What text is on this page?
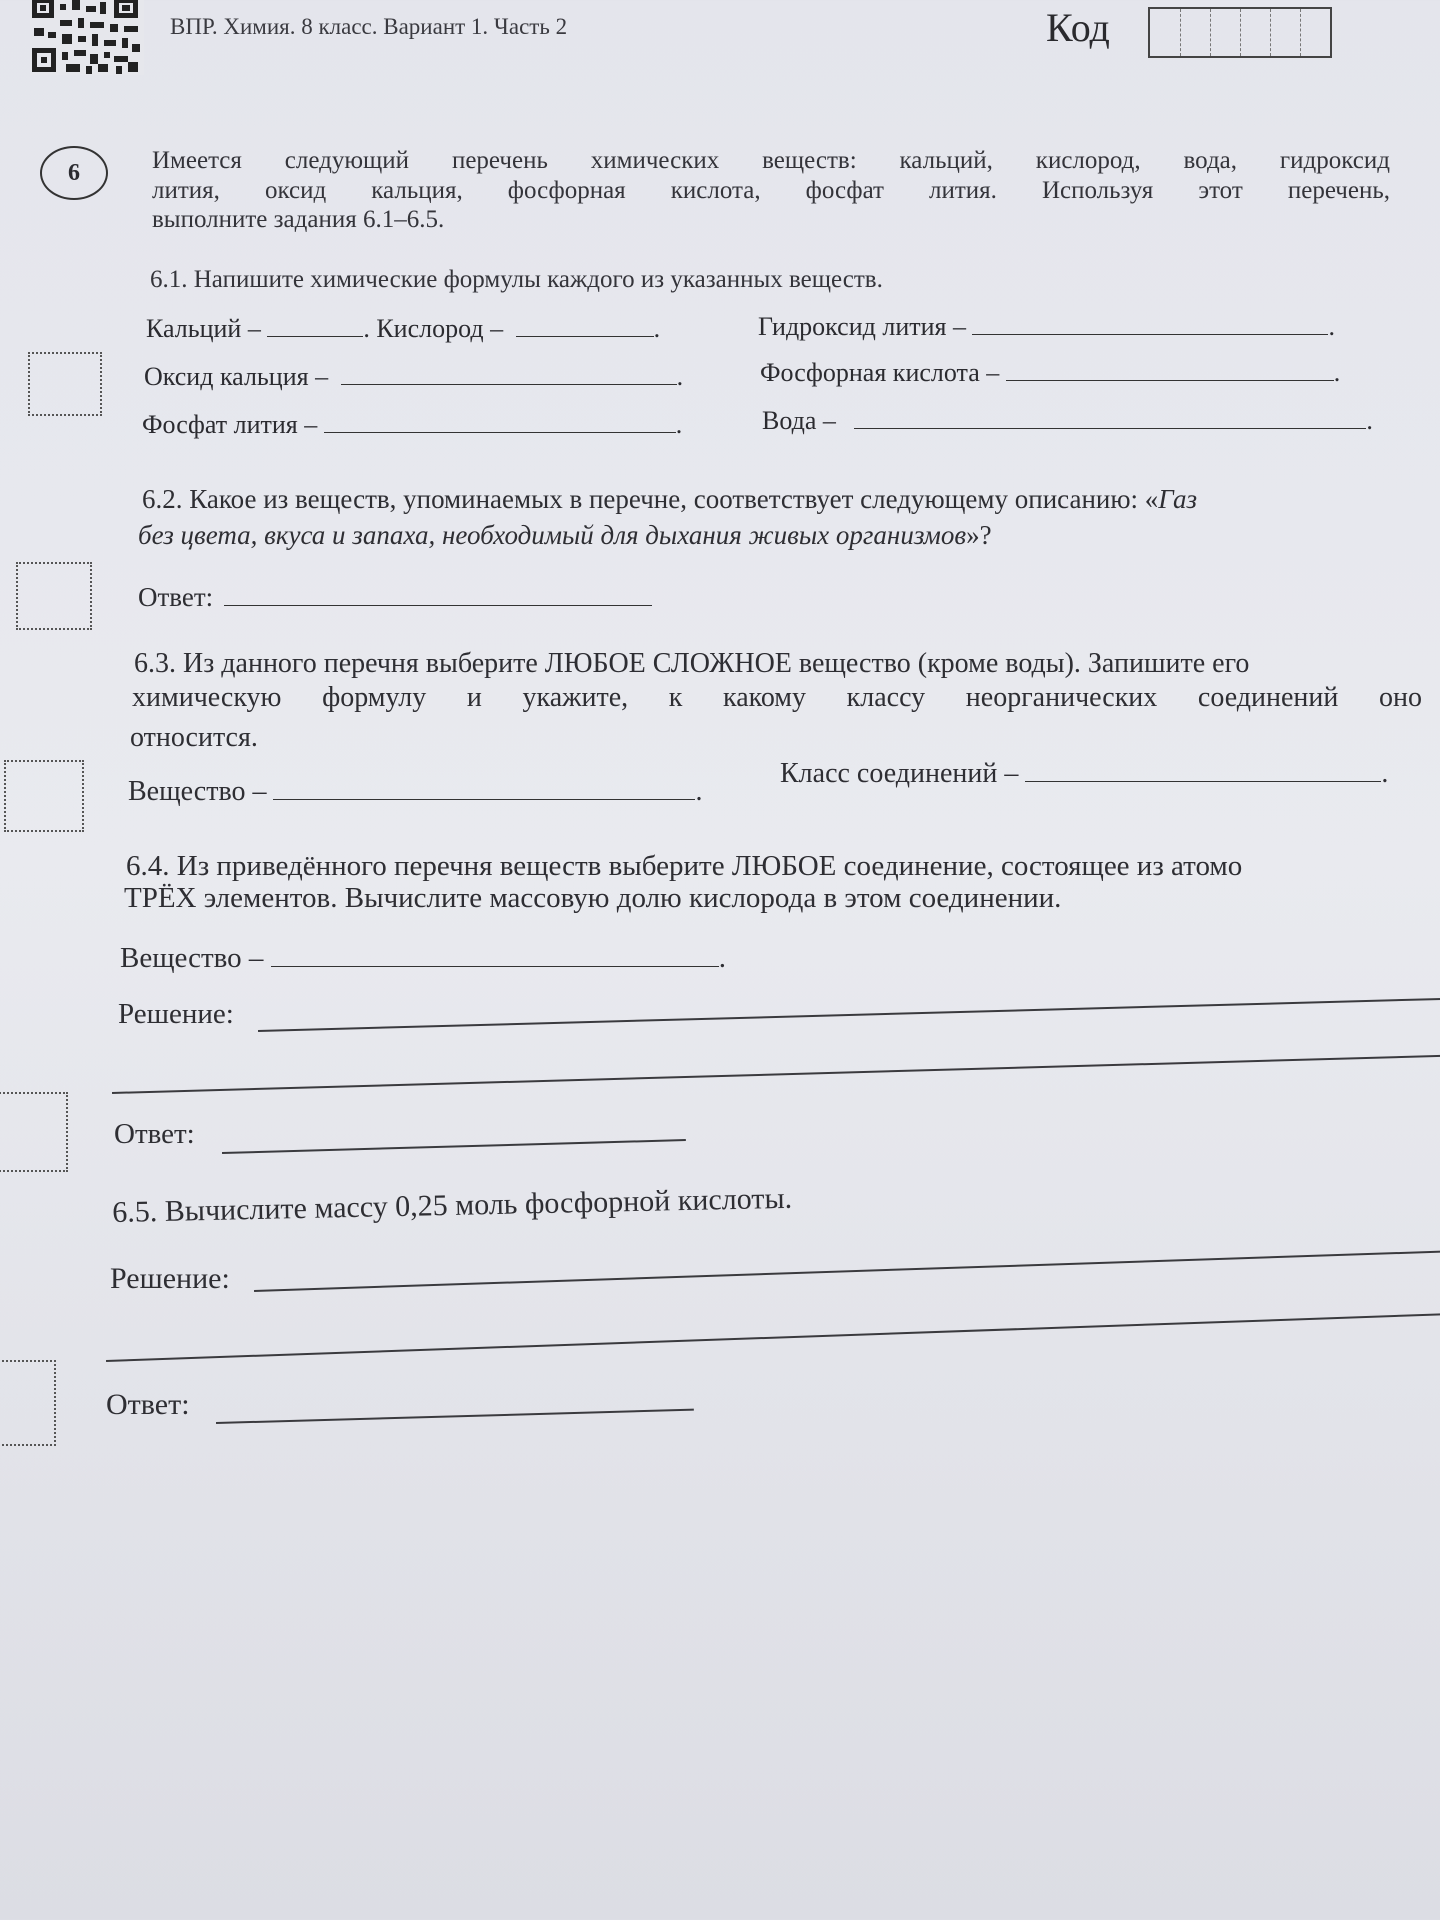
ВПР. Химия. 8 класс. Вариант 1. Часть 2	Код
6	Имеется следующий перечень химических веществ: кальций, кислород, вода, гидроксид
лития, оксид кальция, фосфорная кислота, фосфат лития. Используя этот перечень,
выполните задания 6.1–6.5.
6.1. Напишите химические формулы каждого из указанных веществ.
Кальций –	. Кислород –	.	Гидроксид лития –	.
Оксид кальция –	.	Фосфорная кислота –	.
Фосфат лития –	.	Вода –	.
6.2. Какое из веществ, упоминаемых в перечне, соответствует следующему описанию: «Газ
без цвета, вкуса и запаха, необходимый для дыхания живых организмов»?
Ответ:
6.3. Из данного перечня выберите ЛЮБОЕ СЛОЖНОЕ вещество (кроме воды). Запишите его
химическую формулу и укажите, к какому классу неорганических соединений оно
относится.
Вещество –	.
Класс соединений –	.
6.4. Из приведённого перечня веществ выберите ЛЮБОЕ соединение, состоящее из атомо
ТРЁХ элементов. Вычислите массовую долю кислорода в этом соединении.
Вещество –	.
Решение:
Ответ:
6.5. Вычислите массу 0,25 моль фосфорной кислоты.
Решение:
Ответ:
